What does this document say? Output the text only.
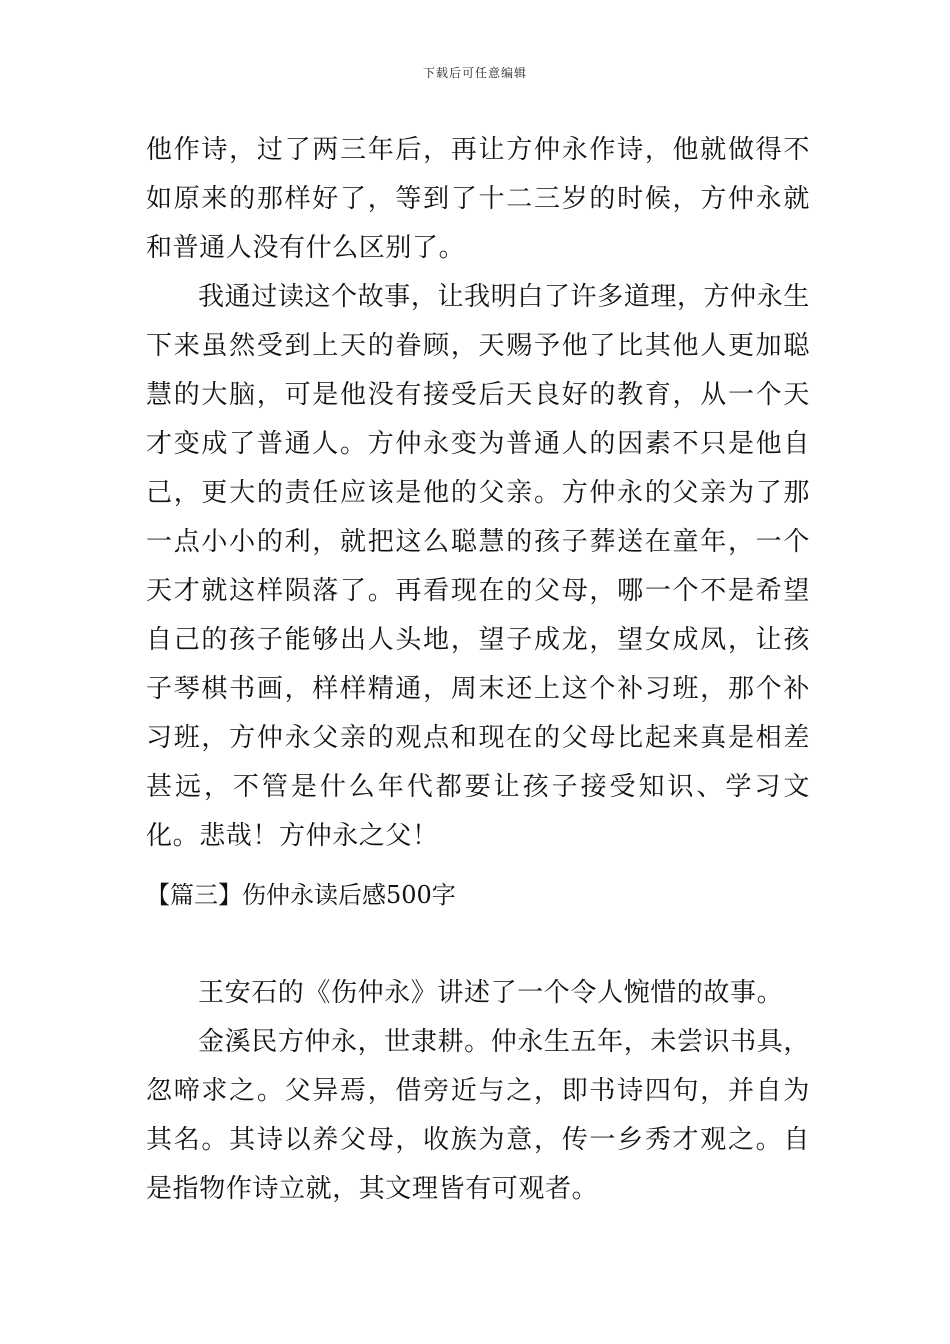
下载后可任意编辑

他作诗，过了两三年后，再让方仲永作诗，他就做得不如原来的那样好了，等到了十二三岁的时候，方仲永就和普通人没有什么区别了。

我通过读这个故事，让我明白了许多道理，方仲永生下来虽然受到上天的眷顾，天赐予他了比其他人更加聪慧的大脑，可是他没有接受后天良好的教育，从一个天才变成了普通人。方仲永变为普通人的因素不只是他自己，更大的责任应该是他的父亲。方仲永的父亲为了那一点小小的利，就把这么聪慧的孩子葬送在童年，一个天才就这样陨落了。再看现在的父母，哪一个不是希望自己的孩子能够出人头地，望子成龙，望女成凤，让孩子琴棋书画，样样精通，周末还上这个补习班，那个补习班，方仲永父亲的观点和现在的父母比起来真是相差甚远，不管是什么年代都要让孩子接受知识、学习文化。悲哉！方仲永之父！

【篇三】伤仲永读后感500字

王安石的《伤仲永》讲述了一个令人惋惜的故事。

金溪民方仲永，世隶耕。仲永生五年，未尝识书具，忽啼求之。父异焉，借旁近与之，即书诗四句，并自为其名。其诗以养父母，收族为意，传一乡秀才观之。自是指物作诗立就，其文理皆有可观者。
